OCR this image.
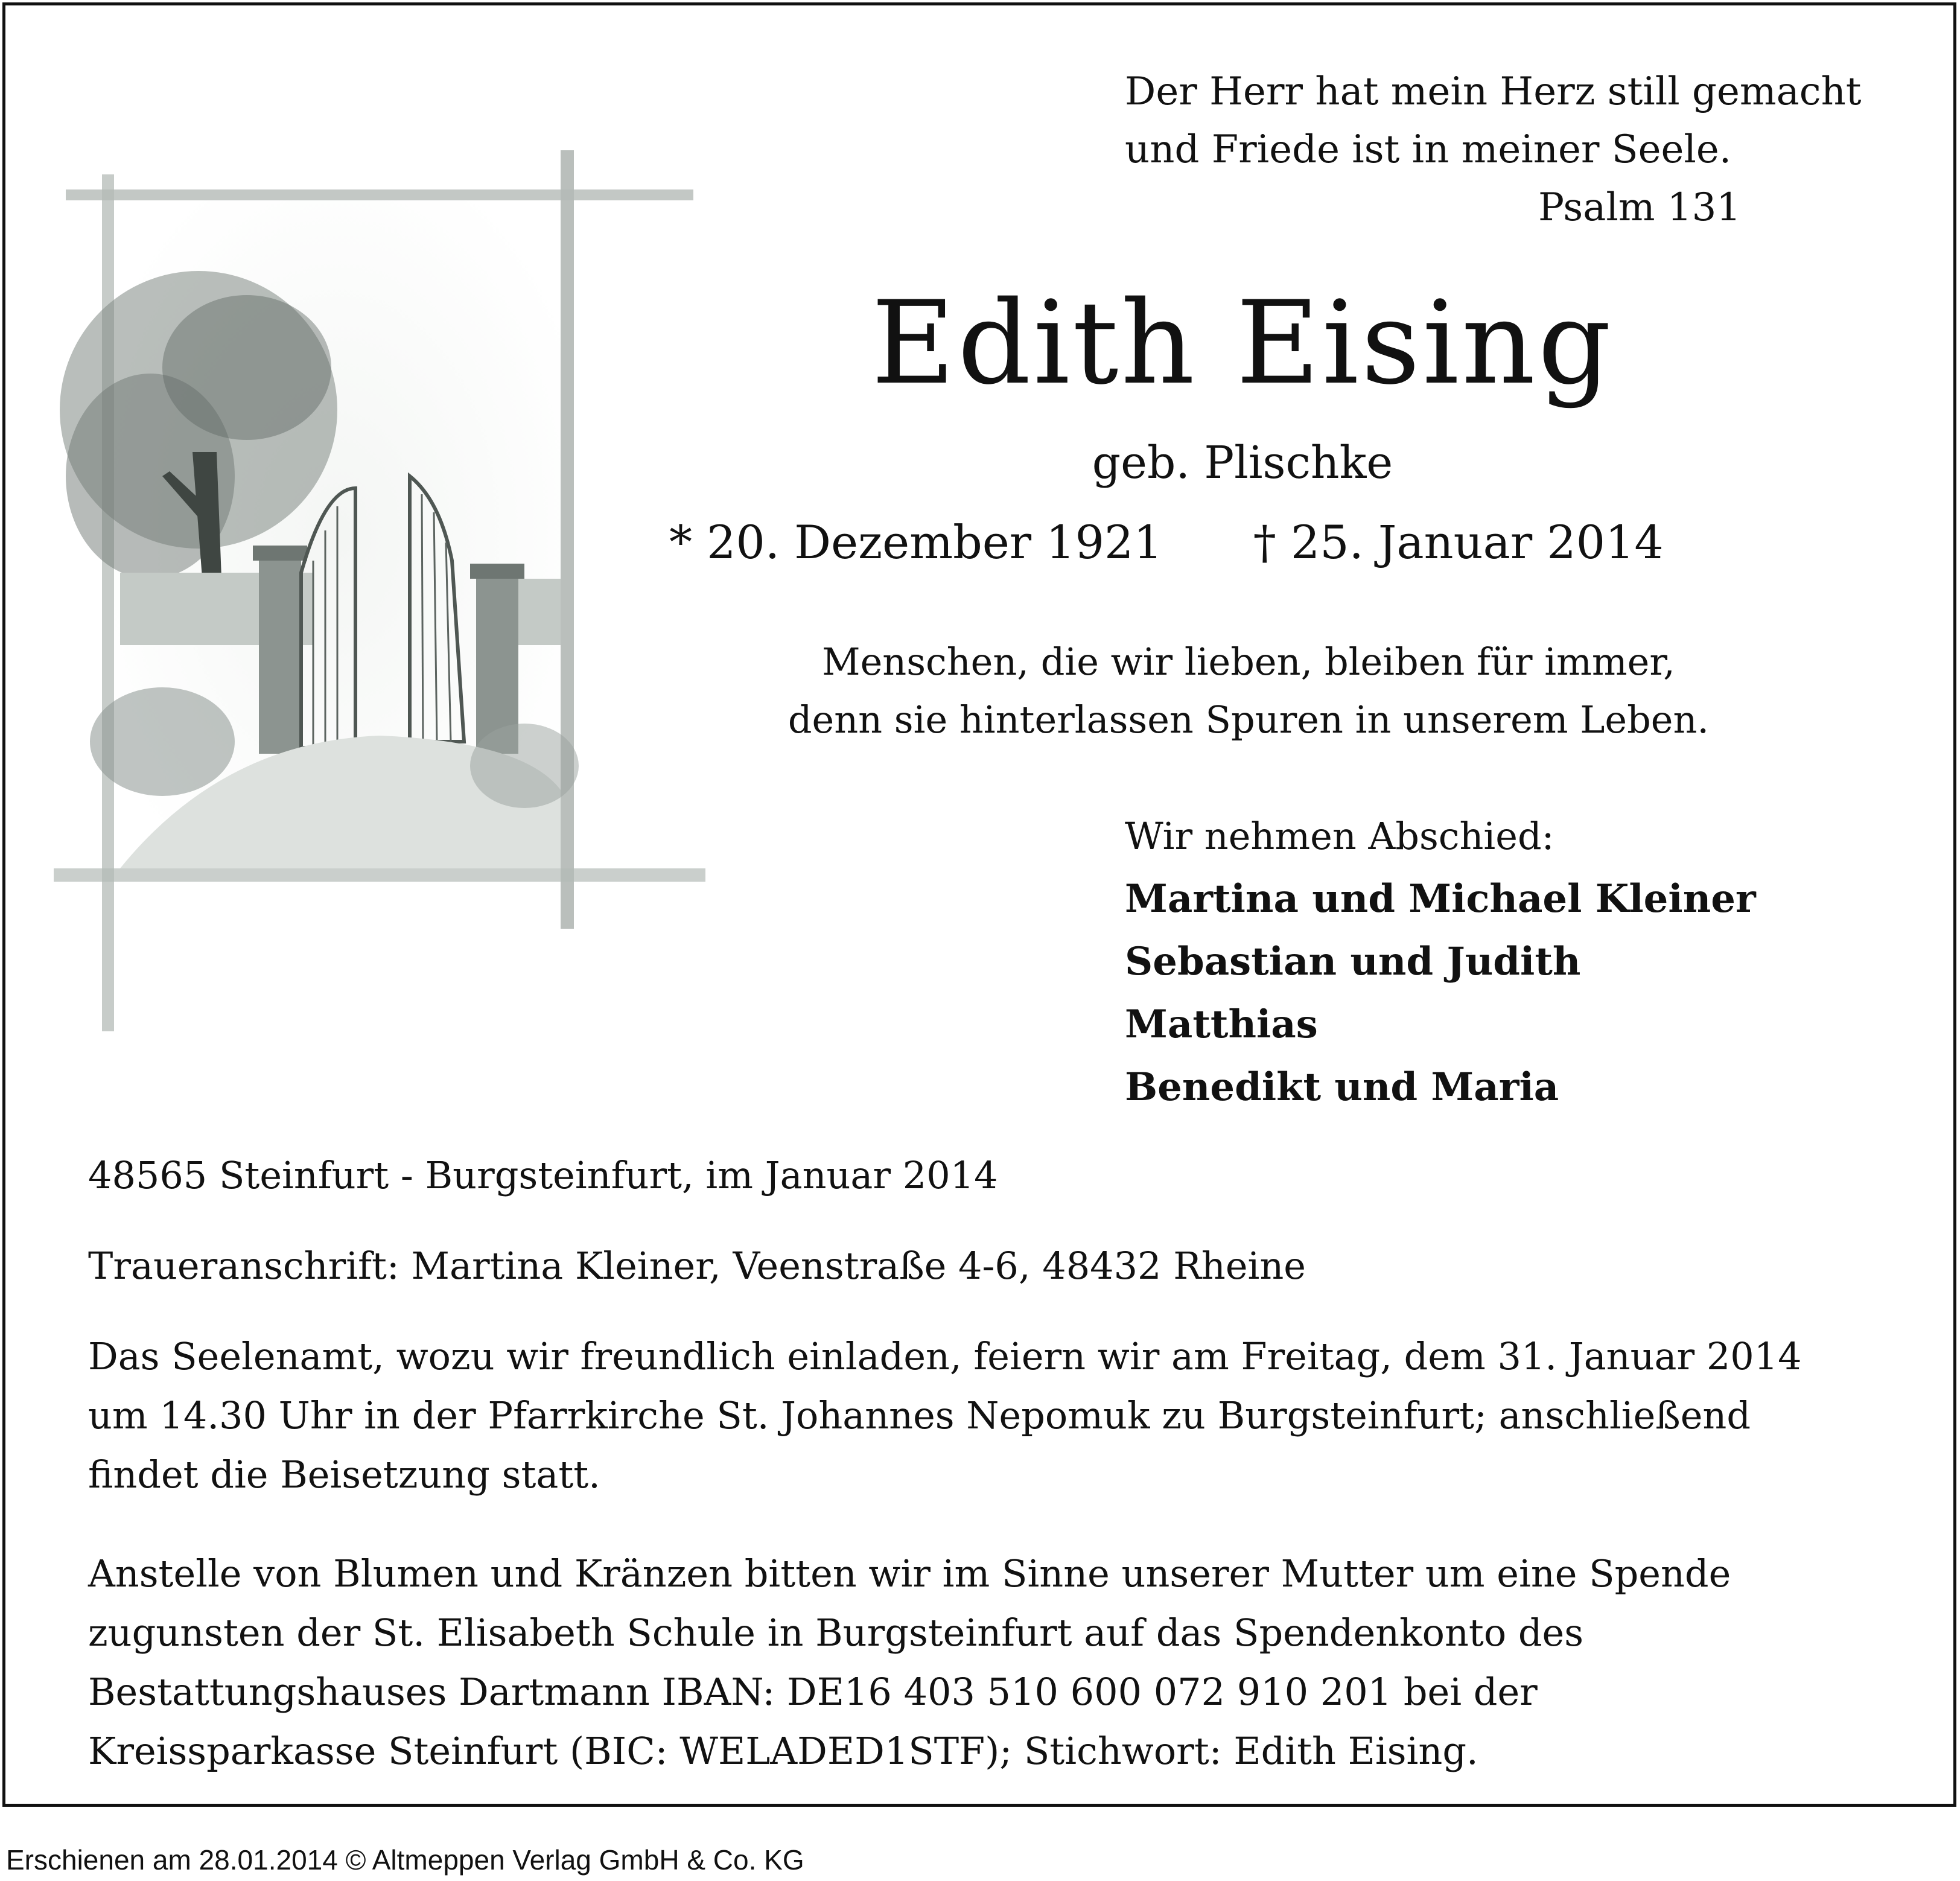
Der Herr hat mein Herz still gemacht
und Friede ist in meiner Seele.
Psalm 131
Edith Eising
geb. Plischke
* 20. Dezember 1921 † 25. Januar 2014
Menschen, die wir lieben, bleiben für immer,
denn sie hinterlassen Spuren in unserem Leben.
Wir nehmen Abschied:
Martina und Michael Kleiner
Sebastian und Judith
Matthias
Benedikt und Maria
48565 Steinfurt - Burgsteinfurt, im Januar 2014
Traueranschrift: Martina Kleiner, Veenstraße 4-6, 48432 Rheine
Das Seelenamt, wozu wir freundlich einladen, feiern wir am Freitag, dem 31. Januar 2014
um 14.30 Uhr in der Pfarrkirche St. Johannes Nepomuk zu Burgsteinfurt; anschließend
findet die Beisetzung statt.
Anstelle von Blumen und Kränzen bitten wir im Sinne unserer Mutter um eine Spende
zugunsten der St. Elisabeth Schule in Burgsteinfurt auf das Spendenkonto des
Bestattungshauses Dartmann IBAN: DE16 403 510 600 072 910 201 bei der
Kreissparkasse Steinfurt (BIC: WELADED1STF); Stichwort: Edith Eising.
Erschienen am 28.01.2014 © Altmeppen Verlag GmbH & Co. KG
